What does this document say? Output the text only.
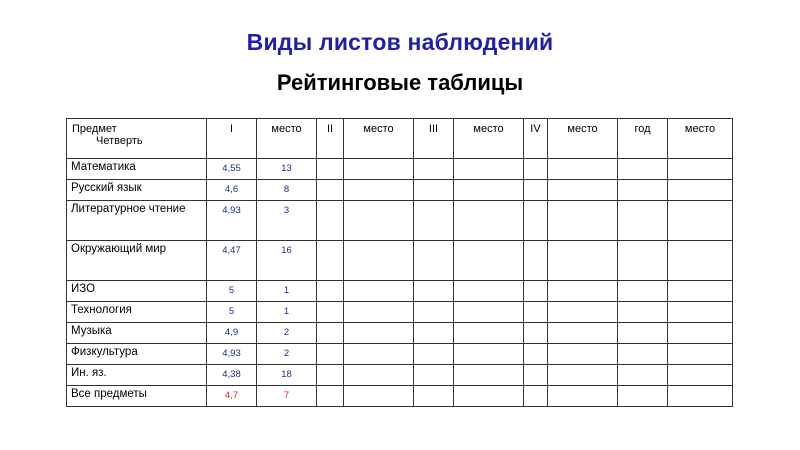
Виды листов наблюдений
Рейтинговые таблицы
Предмет
Четверть	I	место	II	место	III	место	IV	место	год	место
Математика	4,55	13								
Русский язык	4,6	8								
Литературное чтение	4,93	3								
Окружающий мир	4,47	16								
ИЗО	5	1								
Технология	5	1								
Музыка	4,9	2								
Физкультура	4,93	2								
Ин. яз.	4,38	18								
Все предметы	4,7	7								
